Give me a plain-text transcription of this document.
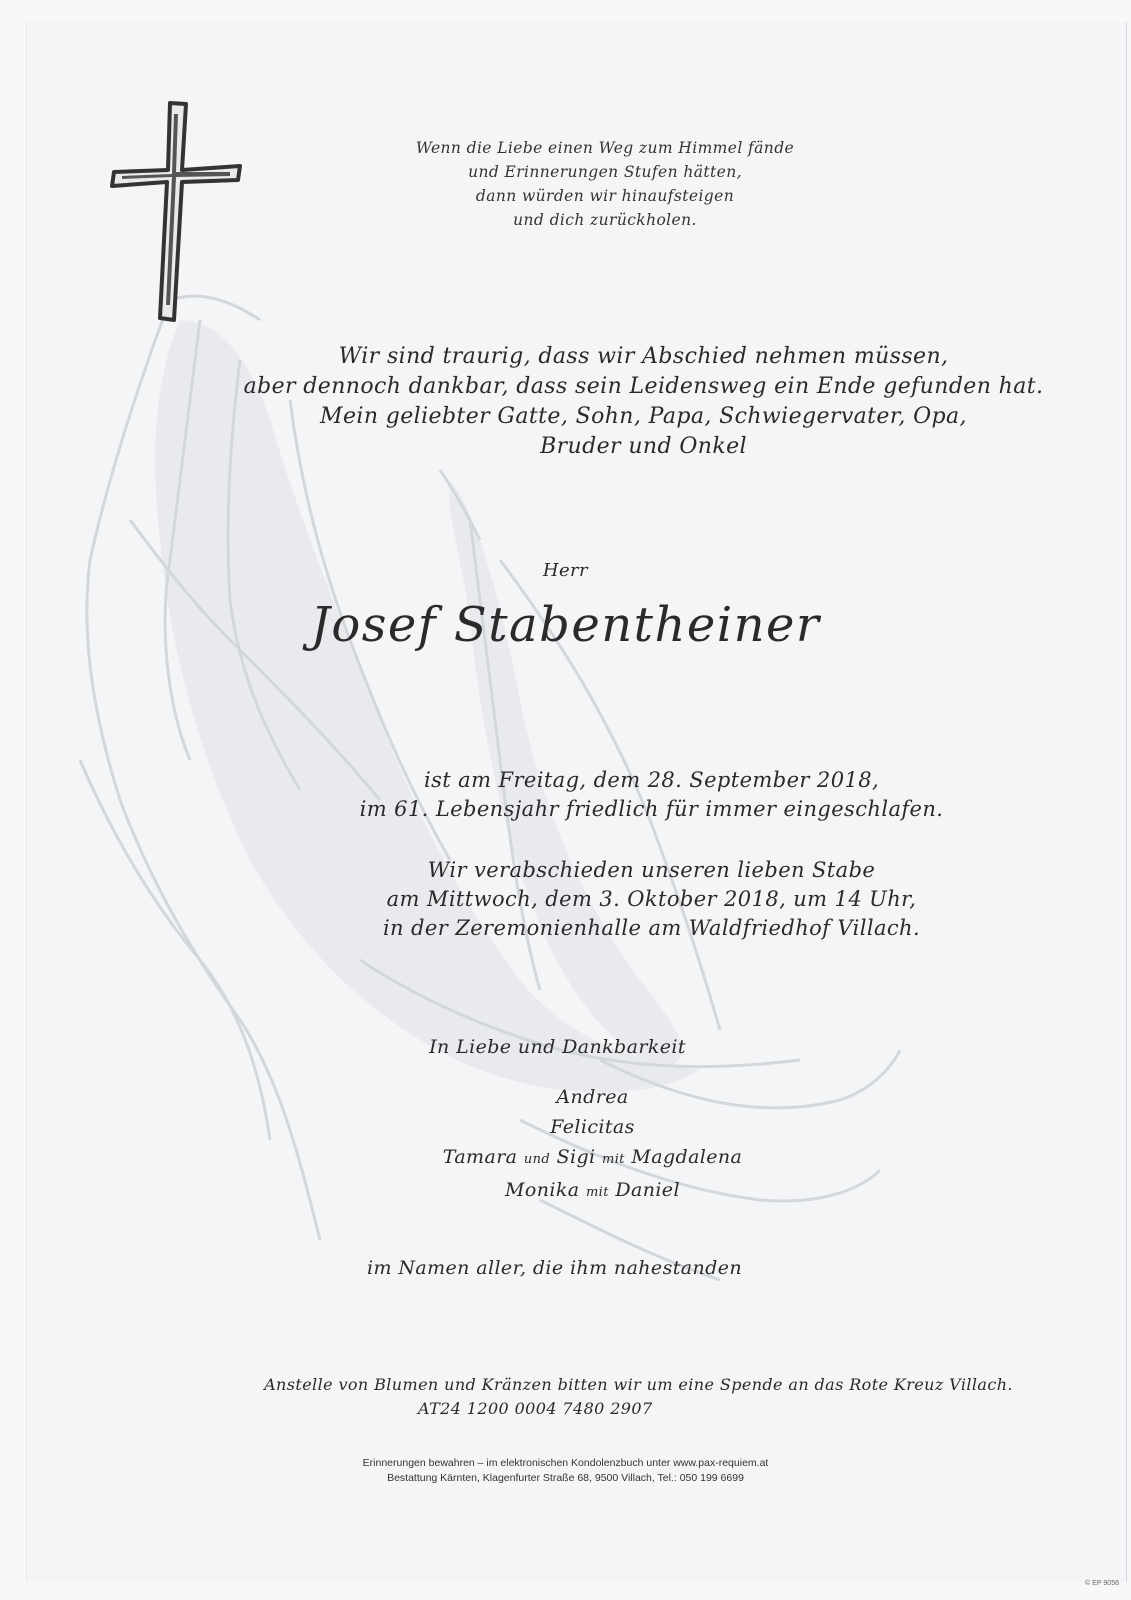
Wenn die Liebe einen Weg zum Himmel fände
und Erinnerungen Stufen hätten,
dann würden wir hinaufsteigen
und dich zurückholen.
Wir sind traurig, dass wir Abschied nehmen müssen,
aber dennoch dankbar, dass sein Leidensweg ein Ende gefunden hat.
Mein geliebter Gatte, Sohn, Papa, Schwiegervater, Opa,
Bruder und Onkel
Herr
Josef Stabentheiner
ist am Freitag, dem 28. September 2018,
im 61. Lebensjahr friedlich für immer eingeschlafen.
Wir verabschieden unseren lieben Stabe
am Mittwoch, dem 3. Oktober 2018, um 14 Uhr,
in der Zeremonienhalle am Waldfriedhof Villach.
In Liebe und Dankbarkeit
Andrea
Felicitas
Tamara und Sigi mit Magdalena
Monika mit Daniel
im Namen aller, die ihm nahestanden
Anstelle von Blumen und Kränzen bitten wir um eine Spende an das Rote Kreuz Villach.
AT24 1200 0004 7480 2907
Erinnerungen bewahren – im elektronischen Kondolenzbuch unter www.pax-requiem.at
Bestattung Kärnten, Klagenfurter Straße 68, 9500 Villach, Tel.: 050 199 6699
© EP 9056
